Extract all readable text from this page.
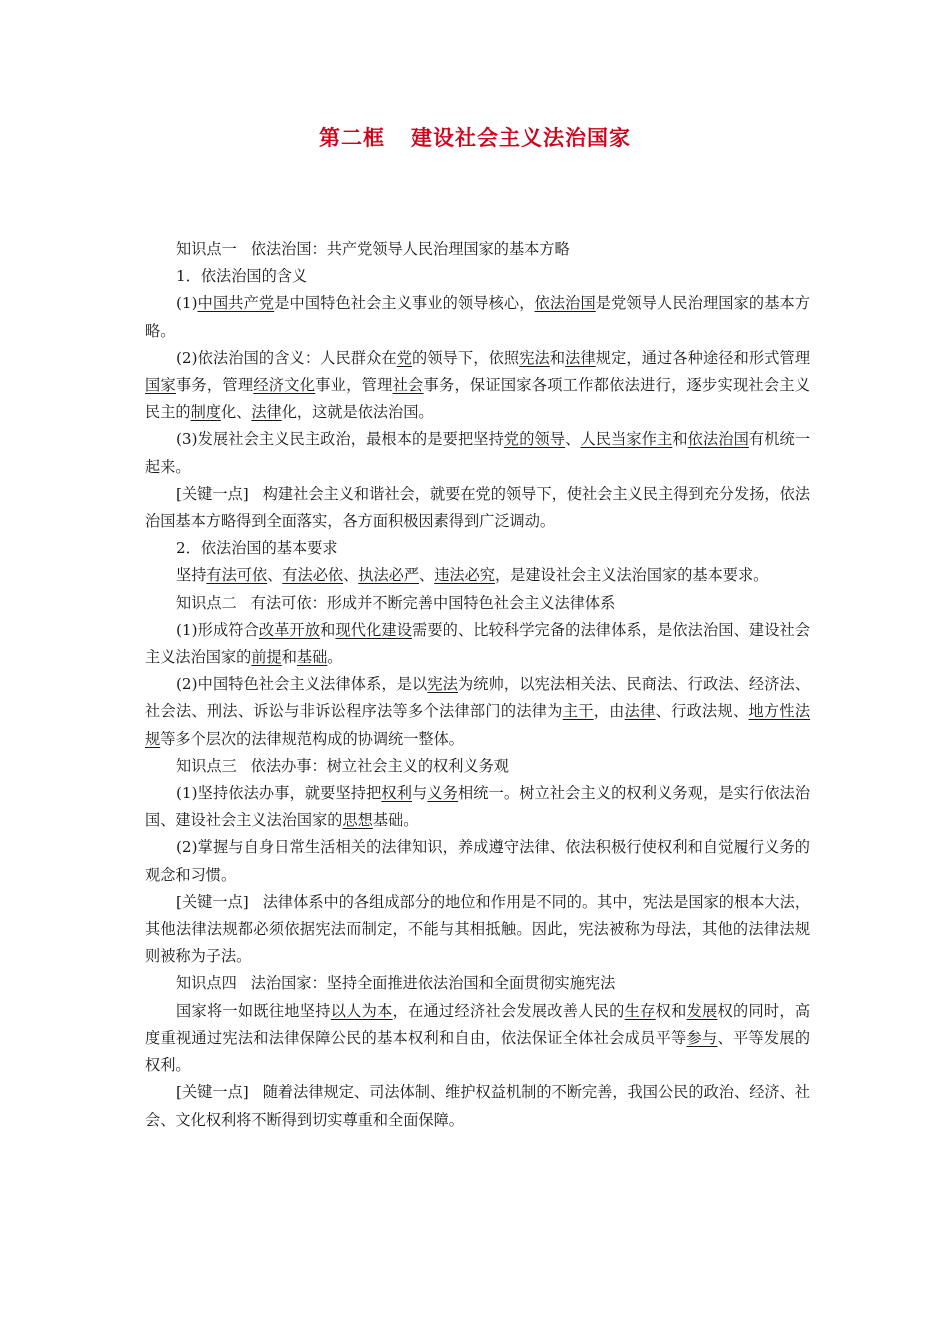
第二框 建设社会主义法治国家

知识点一 依法治国：共产党领导人民治理国家的基本方略

1．依法治国的含义

(1)中国共产党是中国特色社会主义事业的领导核心，依法治国是党领导人民治理国家的基本方略。

(2)依法治国的含义：人民群众在党的领导下，依照宪法和法律规定，通过各种途径和形式管理国家事务，管理经济文化事业，管理社会事务，保证国家各项工作都依法进行，逐步实现社会主义民主的制度化、法律化，这就是依法治国。

(3)发展社会主义民主政治，最根本的是要把坚持党的领导、人民当家作主和依法治国有机统一起来。

[关键一点] 构建社会主义和谐社会，就要在党的领导下，使社会主义民主得到充分发扬，依法治国基本方略得到全面落实，各方面积极因素得到广泛调动。

2．依法治国的基本要求

坚持有法可依、有法必依、执法必严、违法必究，是建设社会主义法治国家的基本要求。

知识点二 有法可依：形成并不断完善中国特色社会主义法律体系

(1)形成符合改革开放和现代化建设需要的、比较科学完备的法律体系，是依法治国、建设社会主义法治国家的前提和基础。

(2)中国特色社会主义法律体系，是以宪法为统帅，以宪法相关法、民商法、行政法、经济法、社会法、刑法、诉讼与非诉讼程序法等多个法律部门的法律为主干，由法律、行政法规、地方性法规等多个层次的法律规范构成的协调统一整体。

知识点三 依法办事：树立社会主义的权利义务观

(1)坚持依法办事，就要坚持把权利与义务相统一。树立社会主义的权利义务观，是实行依法治国、建设社会主义法治国家的思想基础。

(2)掌握与自身日常生活相关的法律知识，养成遵守法律、依法积极行使权利和自觉履行义务的观念和习惯。

[关键一点] 法律体系中的各组成部分的地位和作用是不同的。其中，宪法是国家的根本大法，其他法律法规都必须依据宪法而制定，不能与其相抵触。因此，宪法被称为母法，其他的法律法规则被称为子法。

知识点四 法治国家：坚持全面推进依法治国和全面贯彻实施宪法

国家将一如既往地坚持以人为本，在通过经济社会发展改善人民的生存权和发展权的同时，高度重视通过宪法和法律保障公民的基本权利和自由，依法保证全体社会成员平等参与、平等发展的权利。

[关键一点] 随着法律规定、司法体制、维护权益机制的不断完善，我国公民的政治、经济、社会、文化权利将不断得到切实尊重和全面保障。
